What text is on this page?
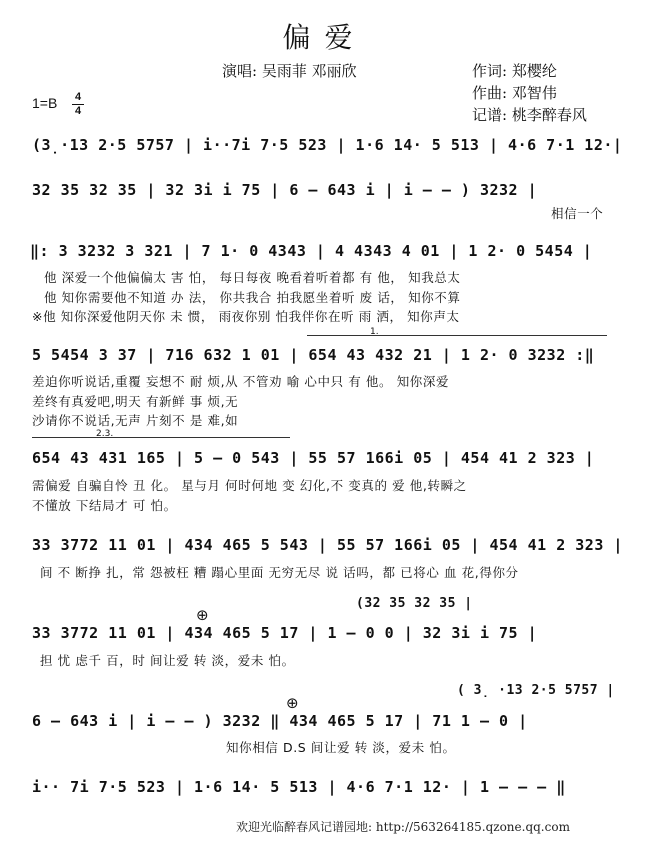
偏爱
演唱: 吴雨菲 邓丽欣	作词: 郑樱纶
作曲: 邓智伟
记谱: 桃李醉春风
1=B 4
4
(3̣·13 2·5 5757 | i··7i 7·5 523 | 1·6 14· 5 513 | 4·6 7·1 12·|
32 35 32 35 | 32 3i i 75 | 6 – 643 i | i – – ) 3232 |
相信一个
‖: 3 3232 3 321 | 7 1· 0 4343 | 4 4343 4 01 | 1 2· 0 5454 |
他 深爱一个他偏偏太 害 怕， 每日每夜 晚看着听着都 有 他， 知我总太
他 知你需要他不知道 办 法， 你共我合 拍我愿坐着听 废 话， 知你不算
※他 知你深爱他阴天你 未 惯， 雨夜你别 怕我伴你在听 雨 洒， 知你声太
1.
5 5454 3 37 | 716 632 1 01 | 654 43 432 21 | 1 2· 0 3232 :‖
差迫你听说话,重覆 妄想不 耐 烦,从 不管劝 喻 心中只 有 他。 知你深爱
差终有真爱吧,明天 有新鲜 事 烦,无
沙请你不说话,无声 片刻不 是 难,如
2.3.
654 43 431 165 | 5 – 0 543 | 55 57 166i 05 | 454 41 2 323 |
需偏爱 自骗自怜 丑 化。 星与月 何时何地 变 幻化,不 变真的 爱 他,转瞬之
不懂放 下结局才 可 怕。
33 3772 11 01 | 434 465 5 543 | 55 57 166i 05 | 454 41 2 323 |
间 不 断挣 扎，常 怨被枉 糟 蹋心里面 无穷无尽 说 话吗，都 已将心 血 花,得你分
(32 35 32 35 |
⊕
33 3772 11 01 | 434 465 5 17 | 1 – 0 0 | 32 3i i 75 |
担 忧 虑千 百，时 间让爱 转 淡，爱未 怕。
( 3̣ ·13 2·5 5757 |
⊕
6 – 643 i | i – – ) 3232 ‖ 434 465 5 17 | 71 1 – 0 |
知你相信 D.S 间让爱 转 淡，爱未 怕。
i·· 7i 7·5 523 | 1·6 14· 5 513 | 4·6 7·1 12· | 1 – – – ‖
欢迎光临醉春风记谱园地: http://563264185.qzone.qq.com
